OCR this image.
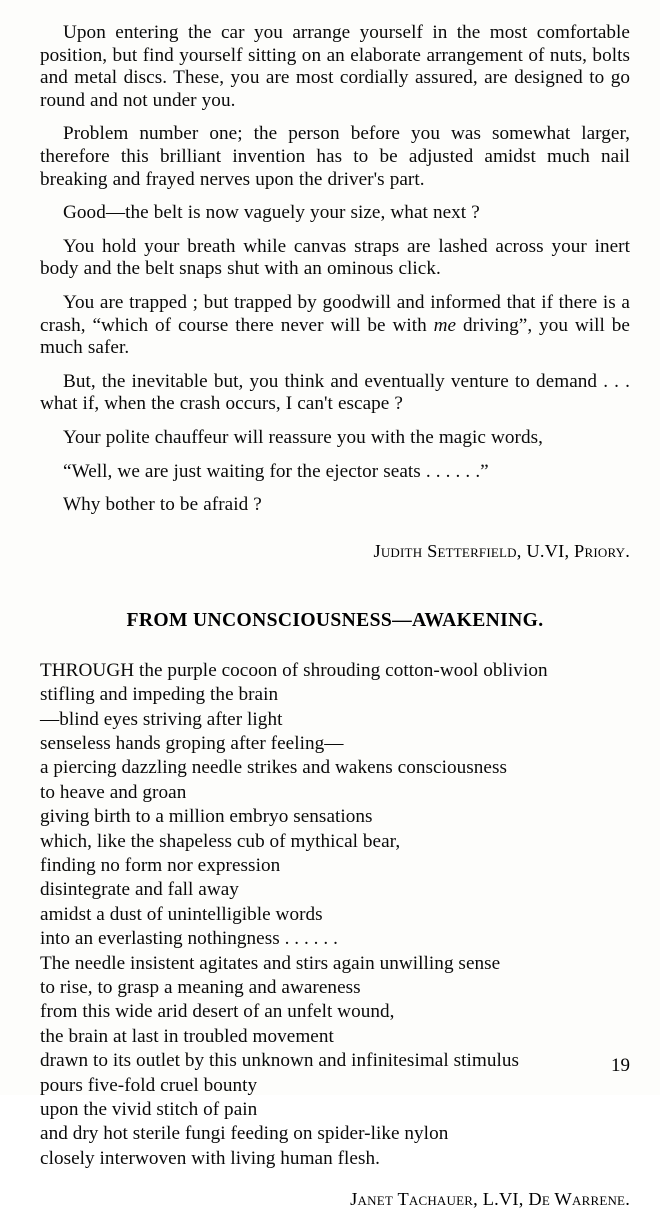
Upon entering the car you arrange yourself in the most comfortable position, but find yourself sitting on an elaborate arrangement of nuts, bolts and metal discs. These, you are most cordially assured, are designed to go round and not under you.

Problem number one; the person before you was somewhat larger, therefore this brilliant invention has to be adjusted amidst much nail breaking and frayed nerves upon the driver's part.

Good—the belt is now vaguely your size, what next ?

You hold your breath while canvas straps are lashed across your inert body and the belt snaps shut with an ominous click.

You are trapped ; but trapped by goodwill and informed that if there is a crash, “which of course there never will be with me driving”, you will be much safer.

But, the inevitable but, you think and eventually venture to demand . . . what if, when the crash occurs, I can't escape ?

Your polite chauffeur will reassure you with the magic words,

“Well, we are just waiting for the ejector seats . . . . . .”

Why bother to be afraid ?

Judith Setterfield, U.VI, Priory.
FROM UNCONSCIOUSNESS—AWAKENING.
THROUGH the purple cocoon of shrouding cotton-wool oblivion
stifling and impeding the brain
—blind eyes striving after light
senseless hands groping after feeling—
a piercing dazzling needle strikes and wakens consciousness
to heave and groan
giving birth to a million embryo sensations
which, like the shapeless cub of mythical bear,
finding no form nor expression
disintegrate and fall away
amidst a dust of unintelligible words
into an everlasting nothingness . . . . . .
The needle insistent agitates and stirs again unwilling sense
to rise, to grasp a meaning and awareness
from this wide arid desert of an unfelt wound,
the brain at last in troubled movement
drawn to its outlet by this unknown and infinitesimal stimulus
pours five-fold cruel bounty
upon the vivid stitch of pain
and dry hot sterile fungi feeding on spider-like nylon
closely interwoven with living human flesh.
Janet Tachauer, L.VI, De Warrene.
19
